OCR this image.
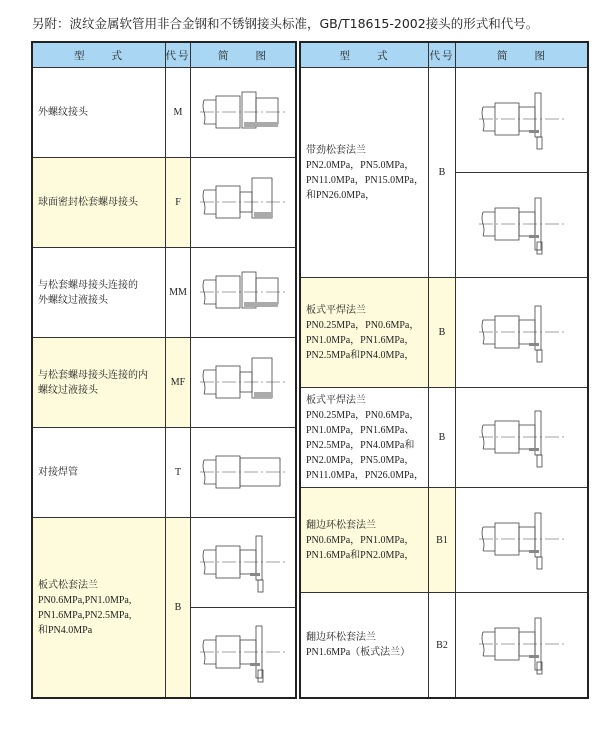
另附：波纹金属软管用非合金钢和不锈钢接头标准，GB/T18615-2002接头的形式和代号。
型　　式	代号	简　　图	型　　式	代号	简　　图
外螺纹接头	M
球面密封松套螺母接头	F
与松套螺母接头连接的
外螺纹过液接头
MM
与松套螺母接头连接的内
螺纹过液接头
MF
对接焊管	T
板式松套法兰
PN0.6MPa,PN1.0MPa,
PN1.6MPa,PN2.5MPa,
和PN4.0MPa
B
带劲松套法兰
PN2.0MPa，PN5.0MPa，
PN11.0MPa，PN15.0MPa，
和PN26.0MPa，
B
板式平焊法兰
PN0.25MPa，PN0.6MPa，
PN1.0MPa，PN1.6MPa，
PN2.5MPa和PN4.0MPa，
B
板式平焊法兰
PN0.25MPa，PN0.6MPa，
PN1.0MPa，PN1.6MPa、
PN2.5MPa，PN4.0MPa和
PN2.0MPa，PN5.0MPa，
PN11.0MPa，PN26.0MPa，
B
翻边环松套法兰
PN0.6MPa，PN1.0MPa，
PN1.6MPa和PN2.0MPa，
B1
翻边环松套法兰
PN1.6MPa（板式法兰）
B2
